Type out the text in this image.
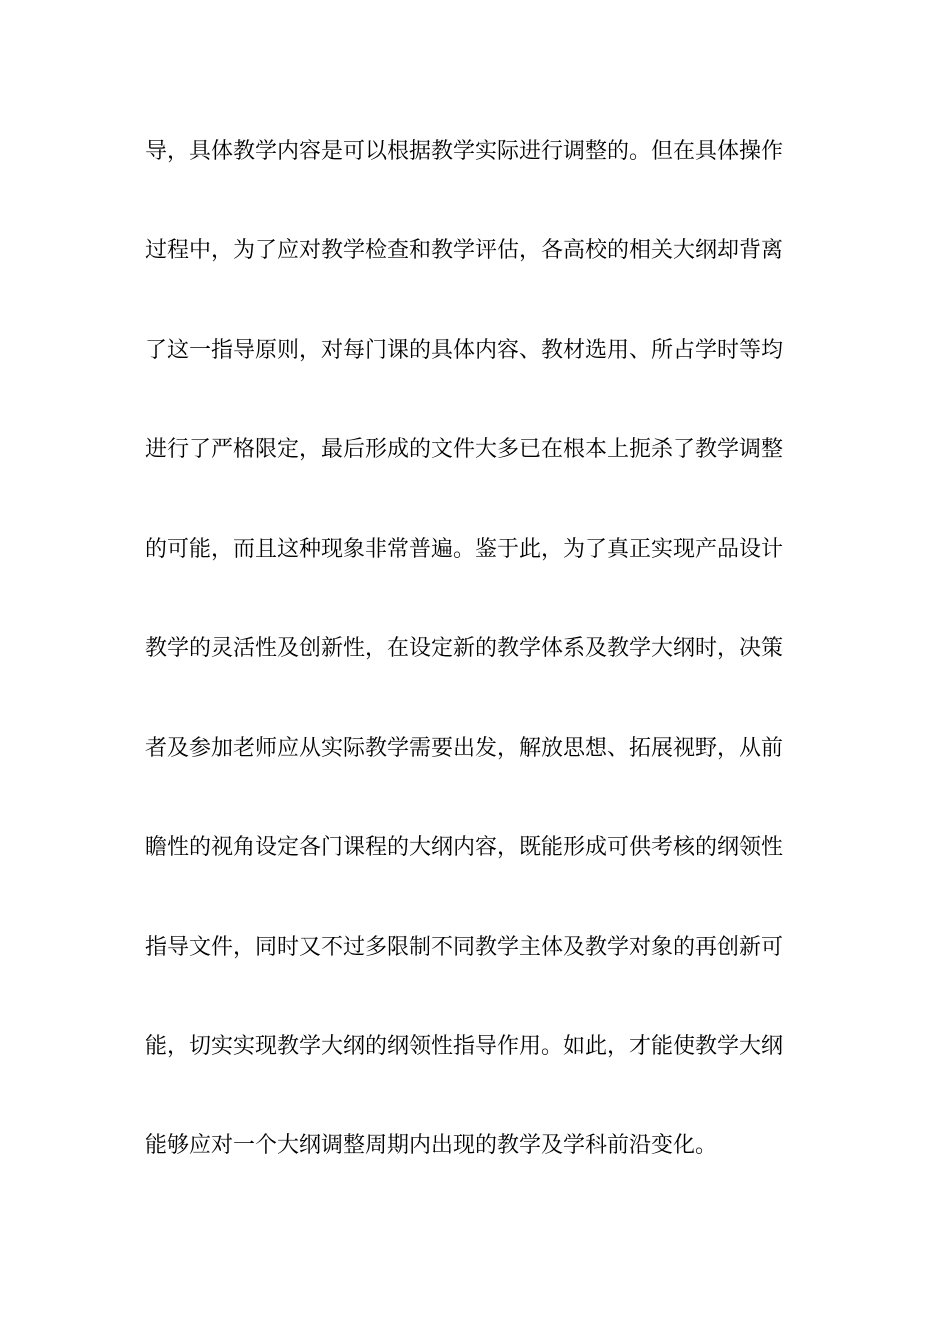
导，具体教学内容是可以根据教学实际进行调整的。但在具体操作
过程中，为了应对教学检查和教学评估，各高校的相关大纲却背离
了这一指导原则，对每门课的具体内容、教材选用、所占学时等均
进行了严格限定，最后形成的文件大多已在根本上扼杀了教学调整
的可能，而且这种现象非常普遍。鉴于此，为了真正实现产品设计
教学的灵活性及创新性，在设定新的教学体系及教学大纲时，决策
者及参加老师应从实际教学需要出发，解放思想、拓展视野，从前
瞻性的视角设定各门课程的大纲内容，既能形成可供考核的纲领性
指导文件，同时又不过多限制不同教学主体及教学对象的再创新可
能，切实实现教学大纲的纲领性指导作用。如此，才能使教学大纲
能够应对一个大纲调整周期内出现的教学及学科前沿变化。
